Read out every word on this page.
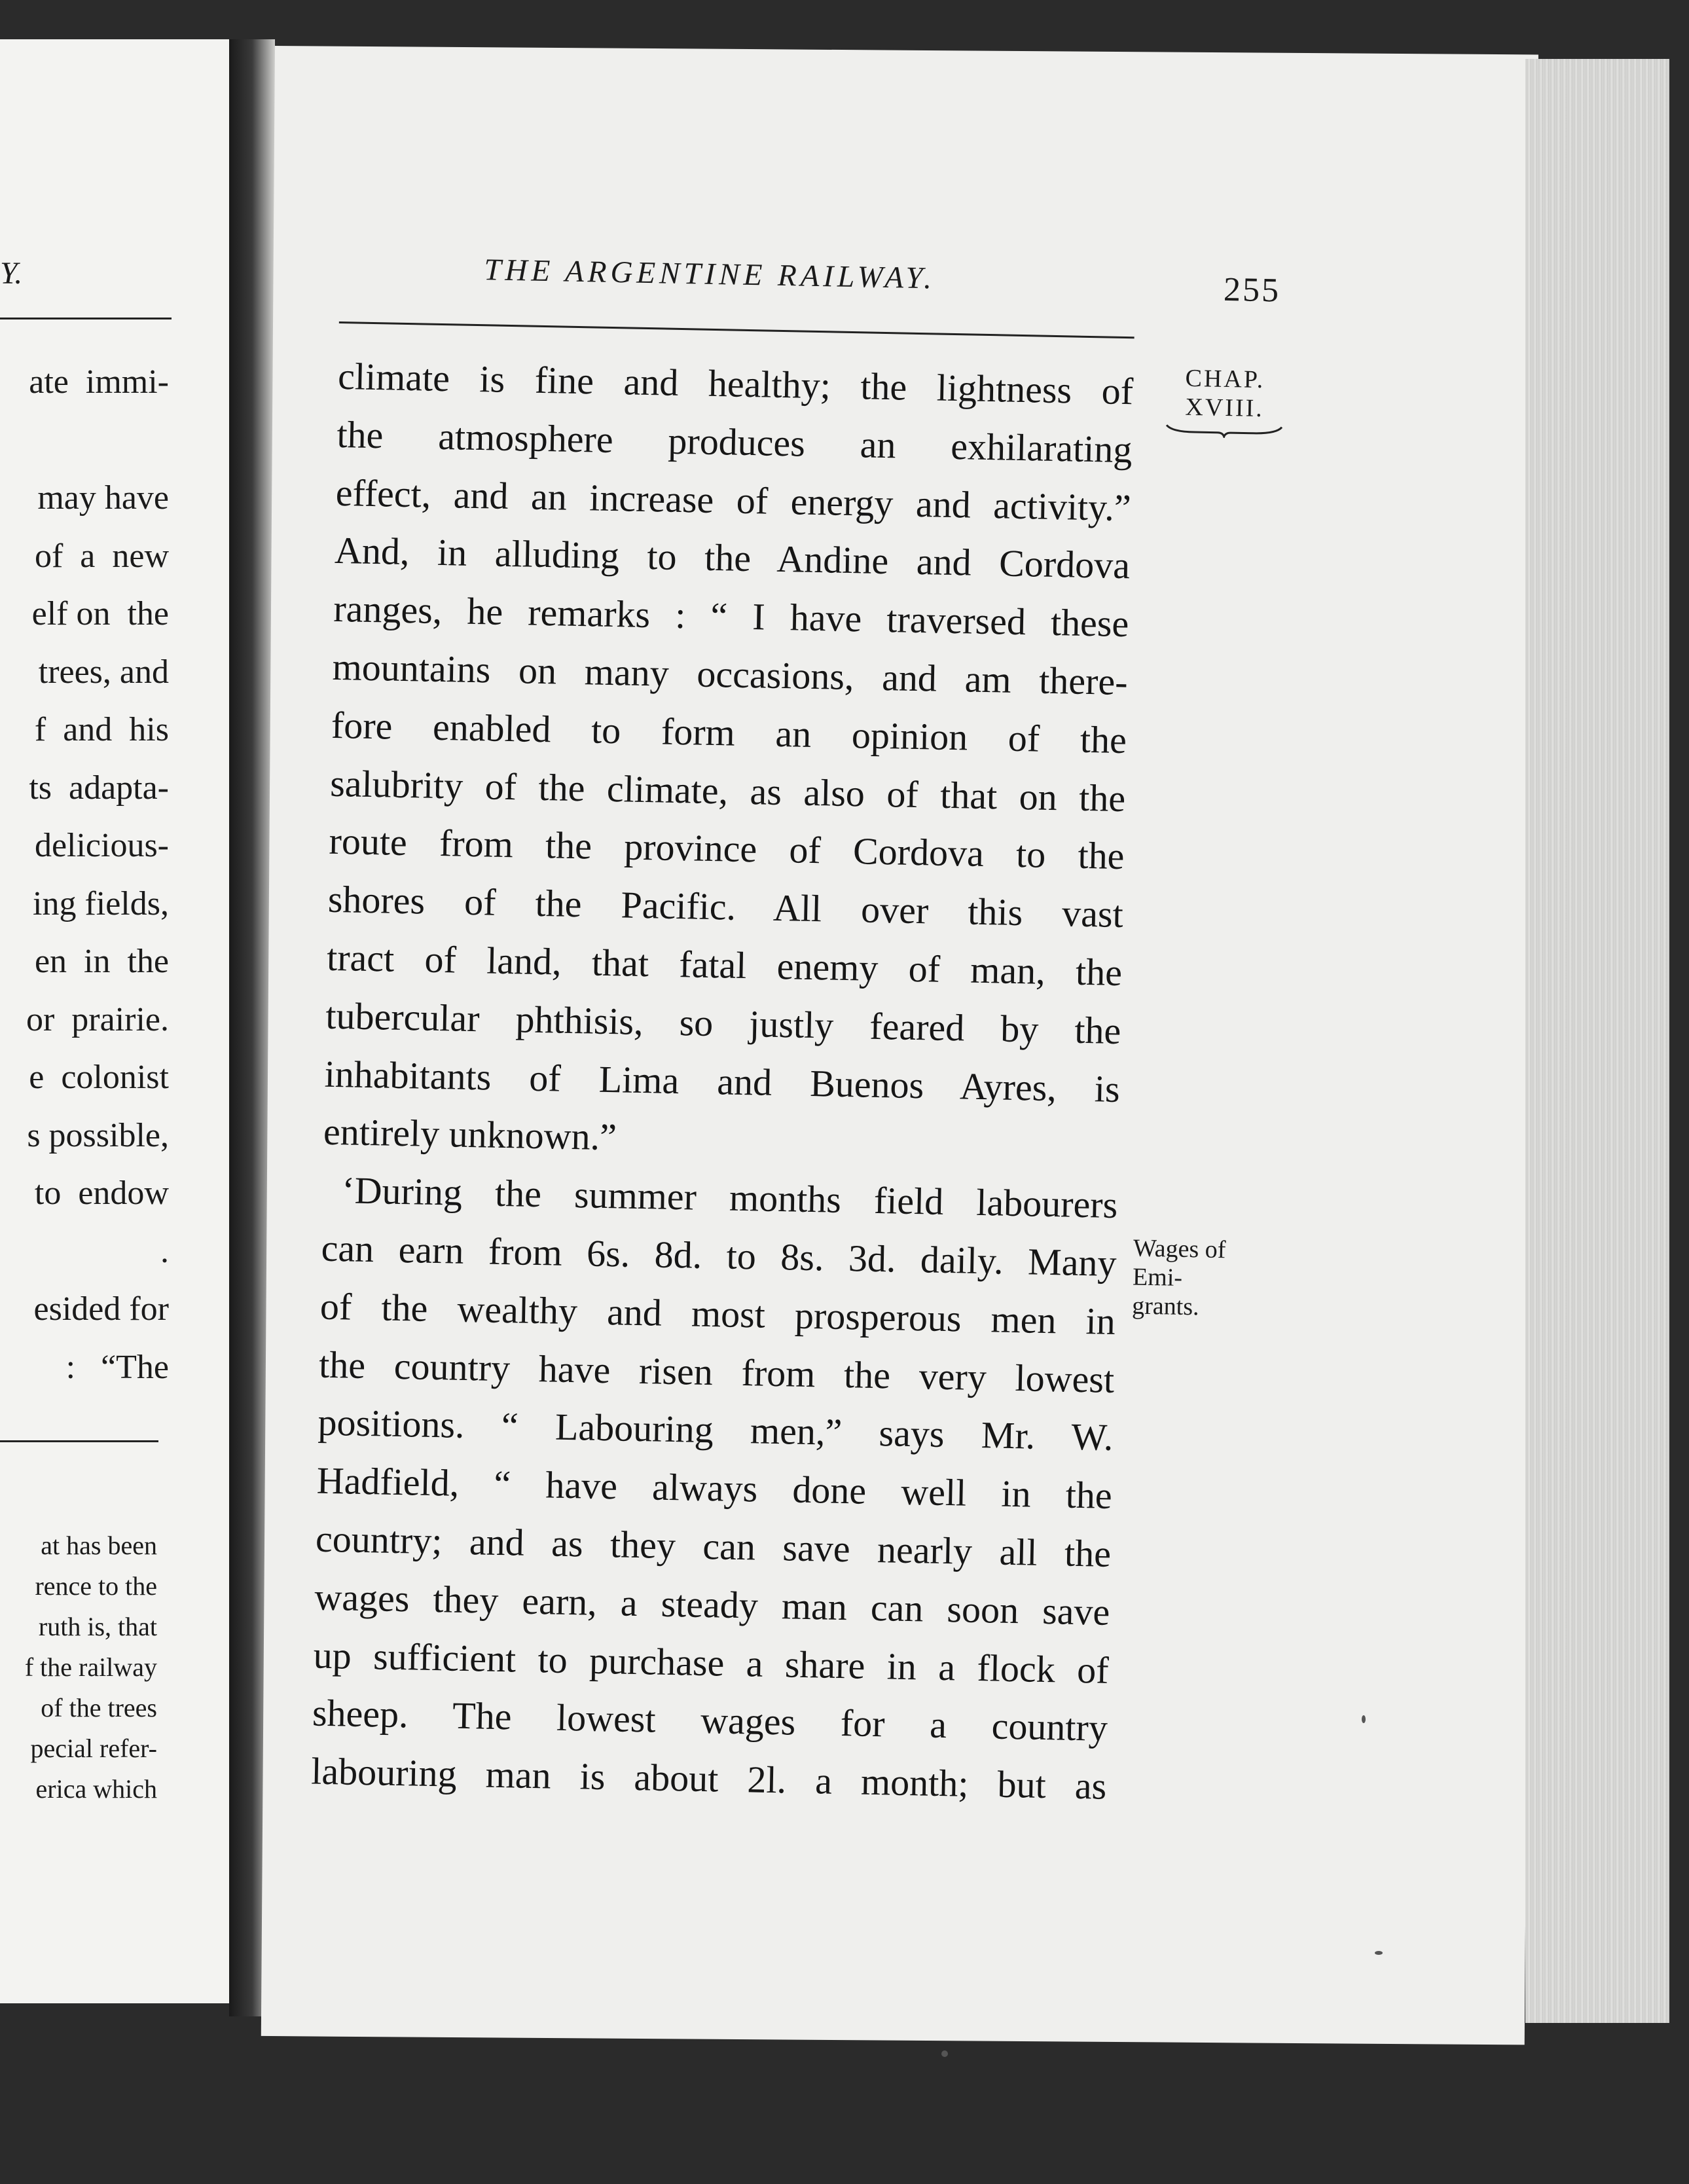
Y.
ate  immi-

may have
of  a  new
elf on  the
trees, and
f  and  his
ts  adapta-
delicious-
ing fields,
en  in  the
or  prairie.
e  colonist
s possible,
to  endow
.
esided for
:   “The
at has been
rence to the
ruth is, that
f the railway
of the trees
pecial refer-
erica which
THE ARGENTINE RAILWAY.	255
CHAP.
XVIII.
Wages of
Emi-
grants.
climate is fine and healthy; the lightness of
the atmosphere produces an exhilarating
effect, and an increase of energy and activity.”
And, in alluding to the Andine and Cordova
ranges, he remarks : “ I have traversed these
mountains on many occasions, and am there-
fore enabled to form an opinion of the
salubrity of the climate, as also of that on the
route from the province of Cordova to the
shores of the Pacific. All over this vast
tract of land, that fatal enemy of man, the
tubercular phthisis, so justly feared by the
inhabitants of Lima and Buenos Ayres, is
entirely unknown.”
‘During the summer months field labourers
can earn from 6s. 8d. to 8s. 3d. daily. Many
of the wealthy and most prosperous men in
the country have risen from the very lowest
positions. “ Labouring men,” says Mr. W.
Hadfield, “ have always done well in the
country; and as they can save nearly all the
wages they earn, a steady man can soon save
up sufficient to purchase a share in a flock of
sheep. The lowest wages for a country
labouring man is about 2l. a month; but as
